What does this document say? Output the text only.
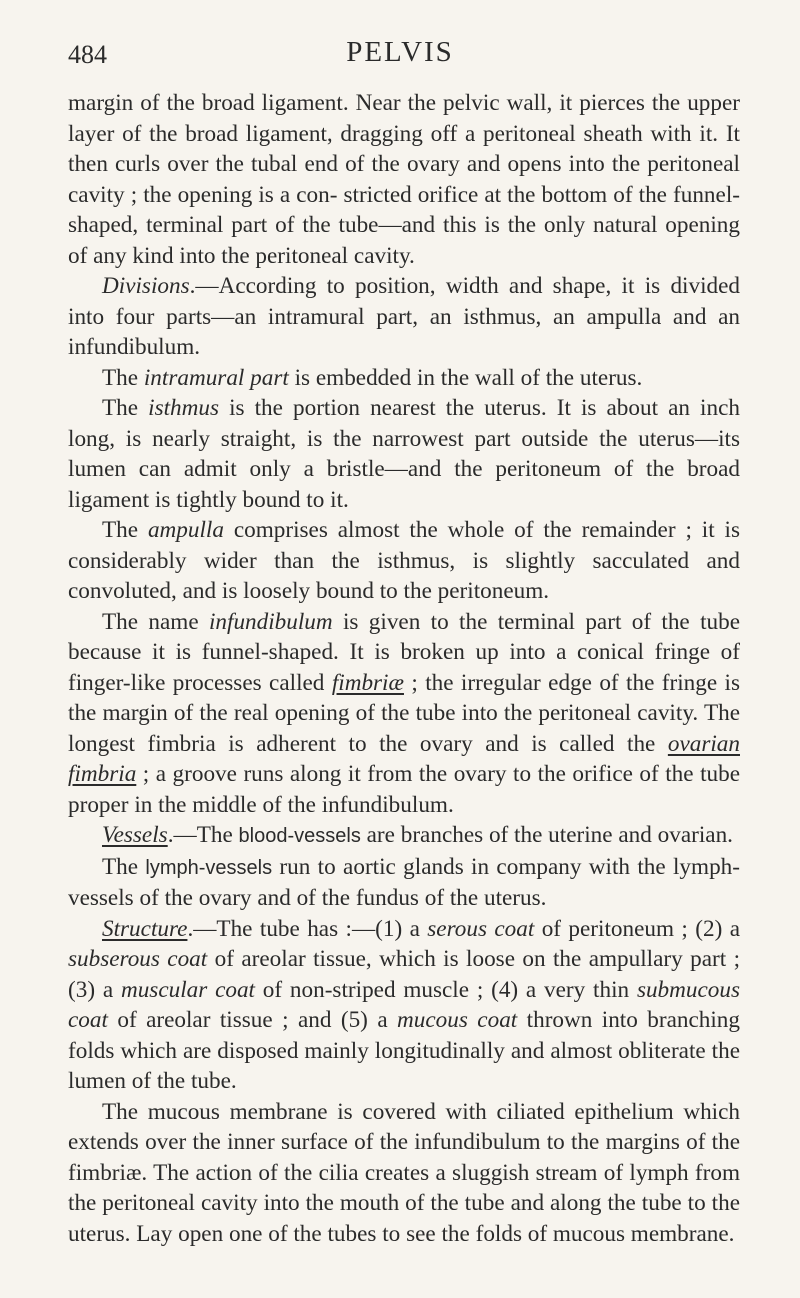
484	PELVIS

margin of the broad ligament. Near the pelvic wall, it pierces the upper layer of the broad ligament, dragging off a peritoneal sheath with it. It then curls over the tubal end of the ovary and opens into the peritoneal cavity ; the opening is a con- stricted orifice at the bottom of the funnel-shaped, terminal part of the tube—and this is the only natural opening of any kind into the peritoneal cavity.

Divisions.—According to position, width and shape, it is divided into four parts—an intramural part, an isthmus, an ampulla and an infundibulum.

The intramural part is embedded in the wall of the uterus.

The isthmus is the portion nearest the uterus. It is about an inch long, is nearly straight, is the narrowest part outside the uterus—its lumen can admit only a bristle—and the peritoneum of the broad ligament is tightly bound to it.

The ampulla comprises almost the whole of the remainder ; it is considerably wider than the isthmus, is slightly sacculated and convoluted, and is loosely bound to the peritoneum.

The name infundibulum is given to the terminal part of the tube because it is funnel-shaped. It is broken up into a conical fringe of finger-like processes called fimbriæ ; the irregular edge of the fringe is the margin of the real opening of the tube into the peritoneal cavity. The longest fimbria is adherent to the ovary and is called the ovarian fimbria ; a groove runs along it from the ovary to the orifice of the tube proper in the middle of the infundibulum.

Vessels.—The blood-vessels are branches of the uterine and ovarian.

The lymph-vessels run to aortic glands in company with the lymph-vessels of the ovary and of the fundus of the uterus.

Structure.—The tube has :—(1) a serous coat of peritoneum ; (2) a subserous coat of areolar tissue, which is loose on the ampullary part ; (3) a muscular coat of non-striped muscle ; (4) a very thin submucous coat of areolar tissue ; and (5) a mucous coat thrown into branching folds which are disposed mainly longitudinally and almost obliterate the lumen of the tube.

The mucous membrane is covered with ciliated epithelium which extends over the inner surface of the infundibulum to the margins of the fimbriæ. The action of the cilia creates a sluggish stream of lymph from the peritoneal cavity into the mouth of the tube and along the tube to the uterus. Lay open one of the tubes to see the folds of mucous membrane.
